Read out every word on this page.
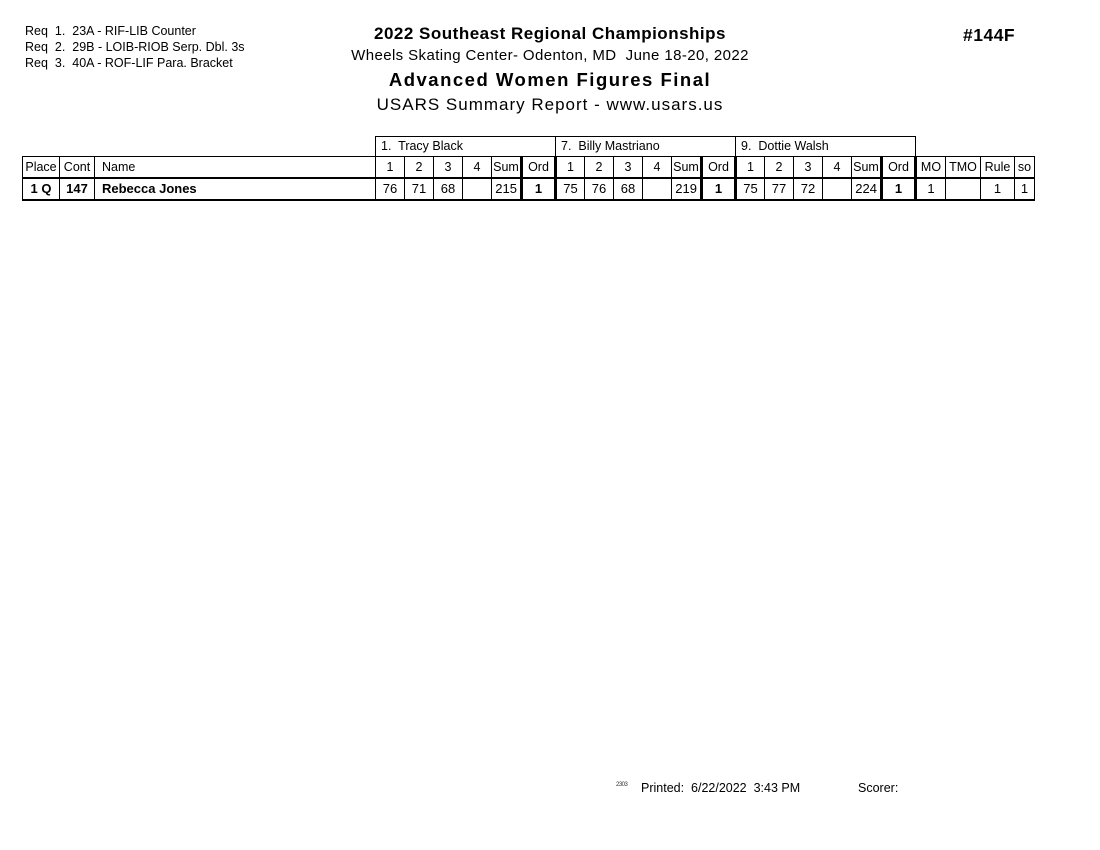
Req  1.  23A - RIF-LIB Counter
Req  2.  29B - LOIB-RIOB Serp. Dbl. 3s
Req  3.  40A - ROF-LIF Para. Bracket
2022 Southeast Regional Championships
Wheels Skating Center- Odenton, MD  June 18-20, 2022
Advanced Women Figures Final
USARS Summary Report - www.usars.us
#144F
			1.  Tracy Black						7.  Billy Mastriano						9.  Dottie Walsh									
Place	Cont	Name	1	2	3	4	Sum	Ord	1	2	3	4	Sum	Ord	1	2	3	4	Sum	Ord	MO	TMO	Rule	so
1 Q	147	Rebecca Jones	76	71	68		215	1	75	76	68		219	1	75	77	72		224	1	1		1	1
2303 Printed:  6/22/2022  3:43 PM	Scorer:
